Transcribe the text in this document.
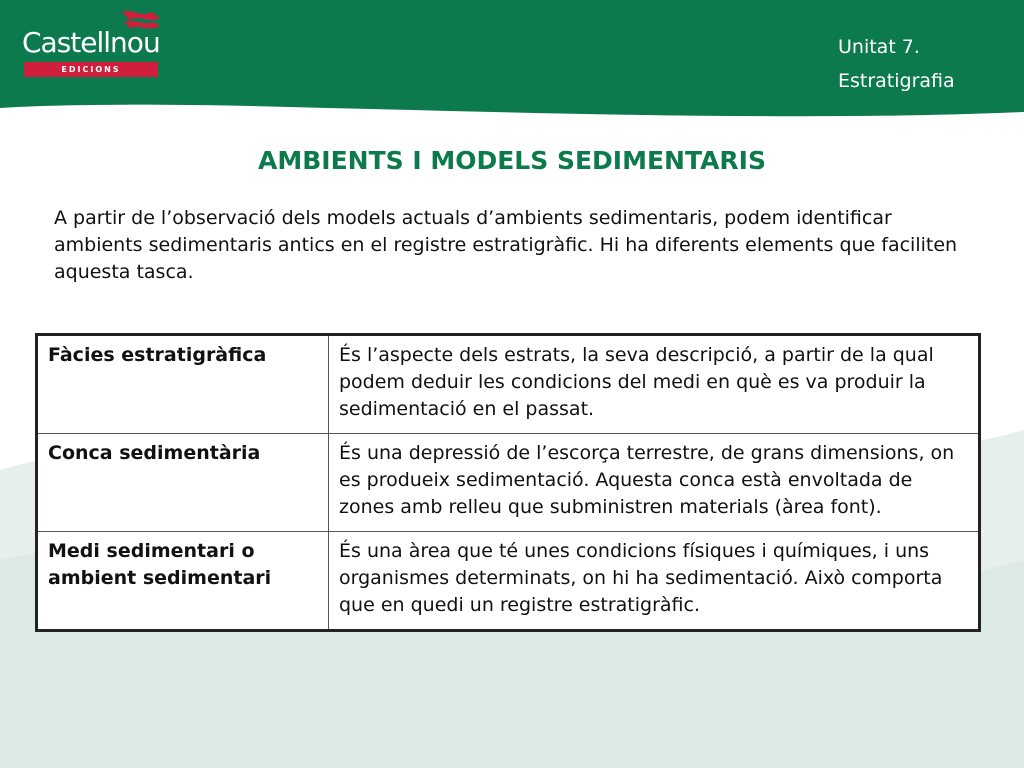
Castellnou
EDICIONS
Unitat 7.
Estratigrafia
AMBIENTS I MODELS SEDIMENTARIS

A partir de l’observació dels models actuals d’ambients sedimentaris, podem identificar ambients sedimentaris antics en el registre estratigràfic. Hi ha diferents elements que faciliten aquesta tasca.

Fàcies estratigràfica	És l’aspecte dels estrats, la seva descripció, a partir de la qual podem deduir les condicions del medi en què es va produir la sedimentació en el passat.
Conca sedimentària	És una depressió de l’escorça terrestre, de grans dimensions, on es produeix sedimentació. Aquesta conca està envoltada de zones amb relleu que subministren materials (àrea font).
Medi sedimentari o ambient sedimentari	És una àrea que té unes condicions físiques i químiques, i uns organismes determinats, on hi ha sedimentació. Això comporta que en quedi un registre estratigràfic.
